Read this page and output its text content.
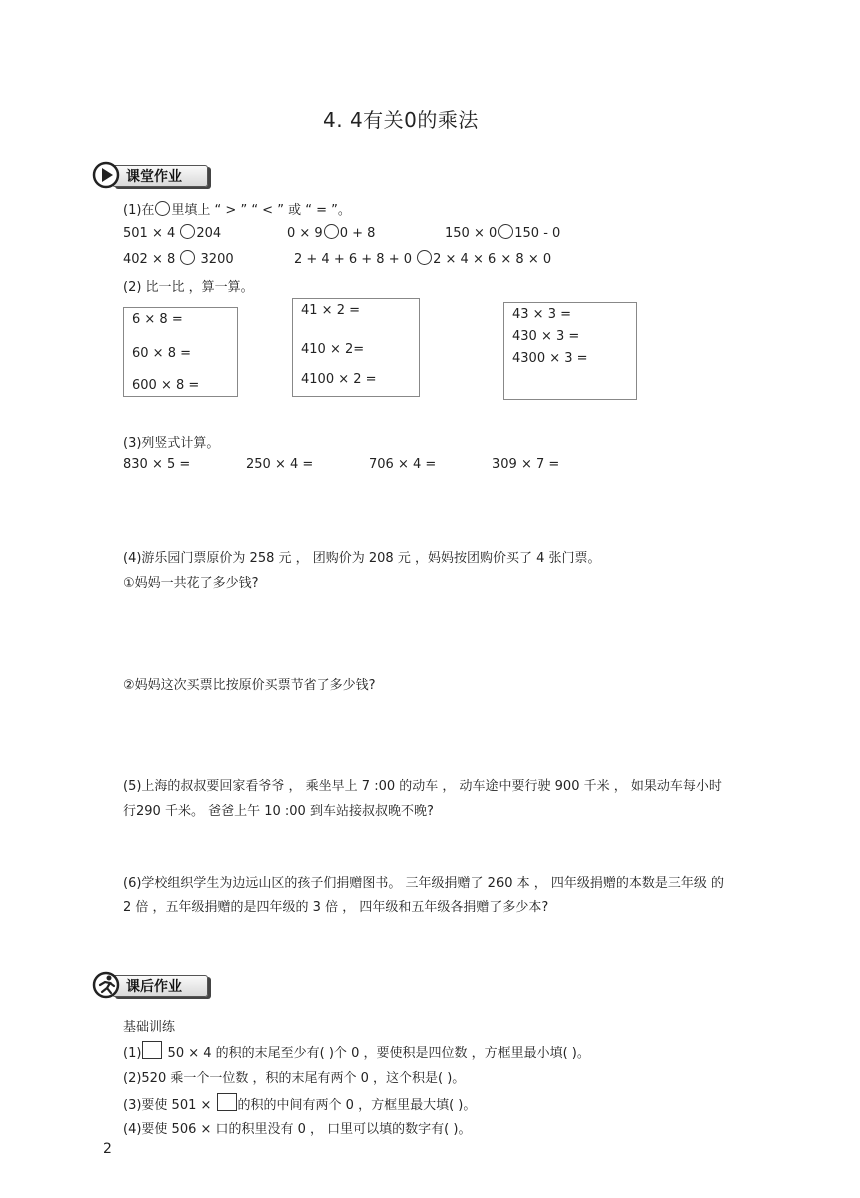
4. 4有关0的乘法
课堂作业
(1)在 里填上 “ > ” “ < ” 或 “ = ”。
501 × 4 204	0 × 9 0 + 8	150 × 0 150 - 0
402 × 8 3200	2 + 4 + 6 + 8 + 0 2 × 4 × 6 × 8 × 0
(2) 比一比 ，算一算。
6 × 8 =
60 × 8 =
600 × 8 =
41 × 2 =
410 × 2=
4100 × 2 =
43 × 3 =
430 × 3 =
4300 × 3 =
(3)列竖式计算。
830 × 5 =	250 × 4 =	706 × 4 =	309 × 7 =
(4)游乐园门票原价为 258 元 ， 团购价为 208 元 ，妈妈按团购价买了 4 张门票。
①妈妈一共花了多少钱?
②妈妈这次买票比按原价买票节省了多少钱?
(5)上海的叔叔要回家看爷爷 ， 乘坐早上 7 :00 的动车 ， 动车途中要行驶 900 千米 ， 如果动车每小时
行290 千米。 爸爸上午 10 :00 到车站接叔叔晚不晚?
(6)学校组织学生为边远山区的孩子们捐赠图书。 三年级捐赠了 260 本 ， 四年级捐赠的本数是三年级 的
2 倍 ，五年级捐赠的是四年级的 3 倍 ， 四年级和五年级各捐赠了多少本?
课后作业
基础训练
(1) 50 × 4 的积的末尾至少有( )个 0 ，要使积是四位数 ，方框里最小填( )。
(2)520 乘一个一位数 ，积的末尾有两个 0 ，这个积是( )。
(3)要使 501 × 的积的中间有两个 0 ，方框里最大填( )。
(4)要使 506 × 口的积里没有 0 ， 口里可以填的数字有( )。
2
